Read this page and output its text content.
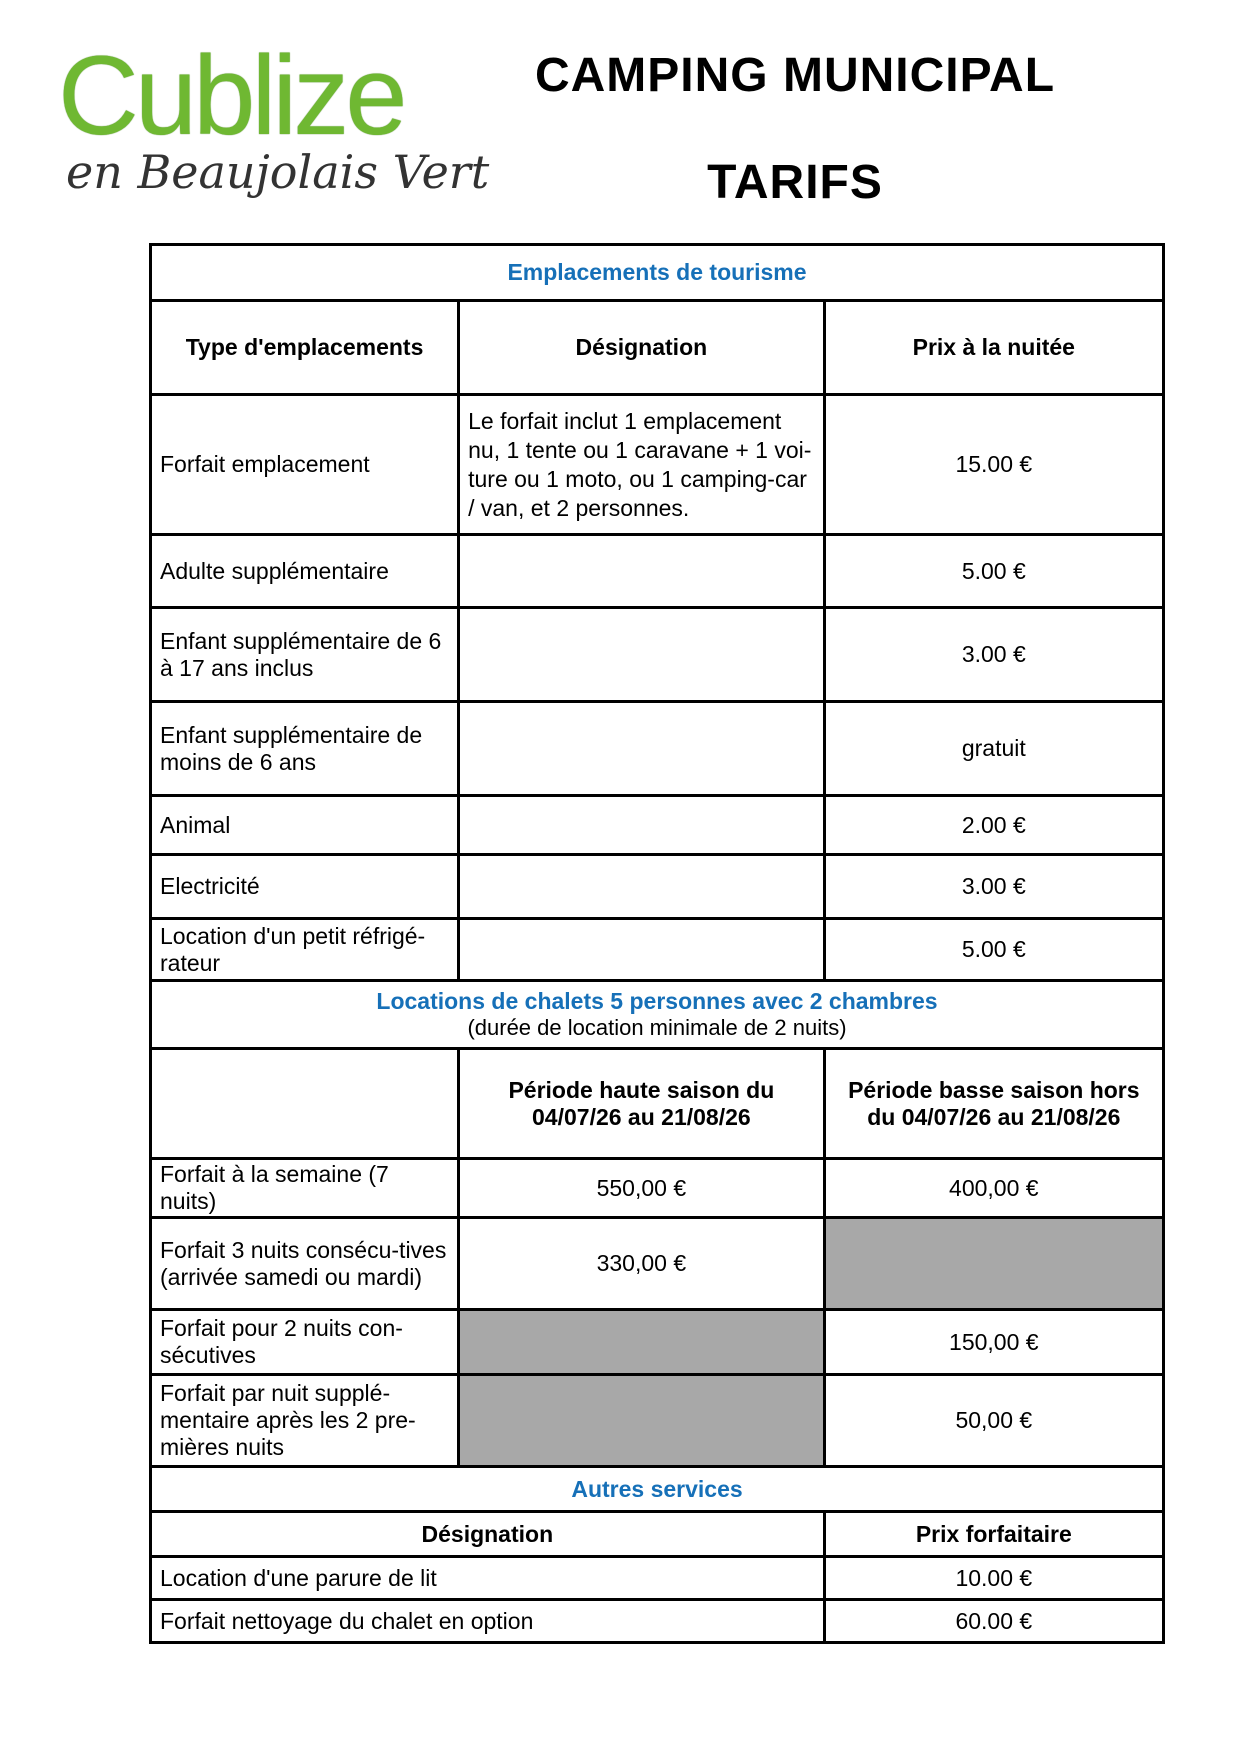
Cublize
en Beaujolais Vert
CAMPING MUNICIPAL
TARIFS
Emplacements de tourisme		
Type d'emplacements	Désignation	Prix à la nuitée
Forfait emplacement	Le forfait inclut 1 emplacement nu, 1 tente ou 1 caravane + 1 voi-ture ou 1 moto, ou 1 camping-car / van, et 2 personnes.	15.00 €
Adulte supplémentaire		5.00 €
Enfant supplémentaire de 6 à 17 ans inclus		3.00 €
Enfant supplémentaire de moins de 6 ans		gratuit
Animal		2.00 €
Electricité		3.00 €
Location d'un petit réfrigé-rateur		5.00 €

Locations de chalets 5 personnes avec 2 chambres
(durée de location minimale de 2 nuits)		

	Période haute saison du 04/07/26 au 21/08/26	Période basse saison hors du 04/07/26 au 21/08/26
Forfait à la semaine (7 nuits)	550,00 €	400,00 €
Forfait 3 nuits consécu-tives (arrivée samedi ou mardi)	330,00 €	
Forfait pour 2 nuits con-sécutives		150,00 €
Forfait par nuit supplé-mentaire après les 2 pre-mières nuits		50,00 €
Autres services		
Désignation		Prix forfaitaire
Location d'une parure de lit		10.00 €
Forfait nettoyage du chalet en option		60.00 €
